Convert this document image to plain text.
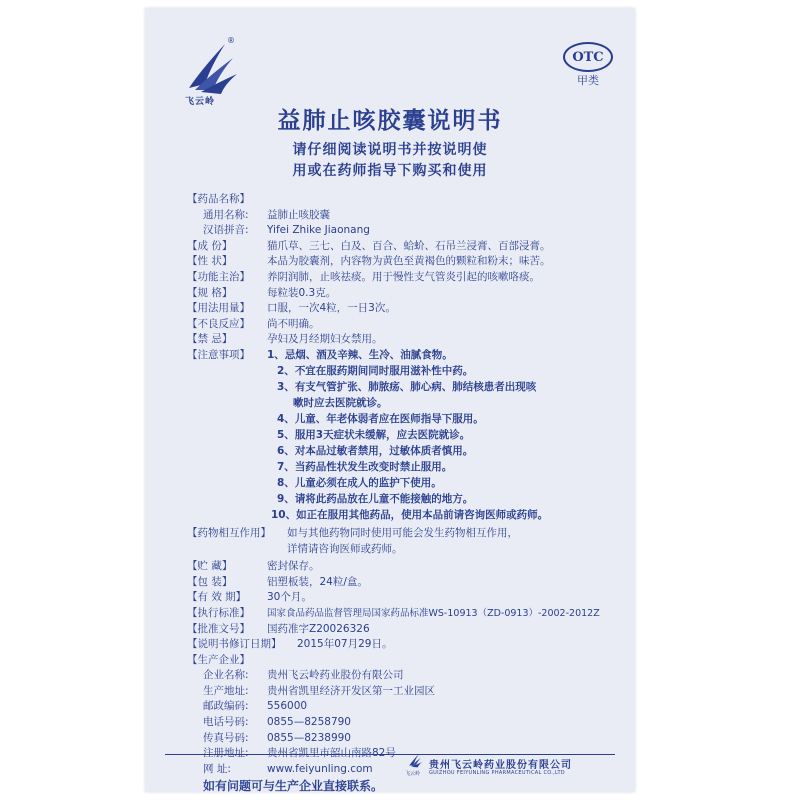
®
飞云岭
OTC
甲类
益肺止咳胶囊说明书
请仔细阅读说明书并按说明使
用或在药师指导下购买和使用
【药品名称】
通用名称:	益肺止咳胶囊
汉语拼音:	Yifei Zhike Jiaonang
【成 份】	猫爪草、三七、白及、百合、蛤蚧、石吊兰浸膏、百部浸膏。
【性 状】	本品为胶囊剂，内容物为黄色至黄褐色的颗粒和粉末；味苦。
【功能主治】	养阴润肺，止咳祛痰。用于慢性支气管炎引起的咳嗽咯痰。
【规 格】	每粒装0.3克。
【用法用量】	口服，一次4粒，一日3次。
【不良反应】	尚不明确。
【禁 忌】	孕妇及月经期妇女禁用。
【注意事项】	1、忌烟、酒及辛辣、生冷、油腻食物。
2、不宜在服药期间同时服用滋补性中药。
3、有支气管扩张、肺脓疡、肺心病、肺结核患者出现咳
嗽时应去医院就诊。
4、儿童、年老体弱者应在医师指导下服用。
5、服用3天症状未缓解，应去医院就诊。
6、对本品过敏者禁用，过敏体质者慎用。
7、当药品性状发生改变时禁止服用。
8、儿童必须在成人的监护下使用。
9、请将此药品放在儿童不能接触的地方。
10、如正在服用其他药品，使用本品前请咨询医师或药师。
【药物相互作用】 如与其他药物同时使用可能会发生药物相互作用，
详情请咨询医师或药师。
【贮 藏】	密封保存。
【包 装】	铝塑板装，24粒/盒。
【有 效 期】	30个月。
【执行标准】	国家食品药品监督管理局国家药品标准WS-10913（ZD-0913）-2002-2012Z
【批准文号】	国药准字Z20026326
【说明书修订日期】 2015年07月29日。
【生产企业】
企业名称:	贵州飞云岭药业股份有限公司
生产地址:	贵州省凯里经济开发区第一工业园区
邮政编码:	556000
电话号码:	0855—8258790
传真号码:	0855—8238990
注册地址:	贵州省凯里市韶山南路82号
网 址:	www.feiyunling.com
如有问题可与生产企业直接联系。
飞云岭
贵州飞云岭药业股份有限公司
GUIZHOU FEIYUNLING PHARMACEUTICAL CO.,LTD
